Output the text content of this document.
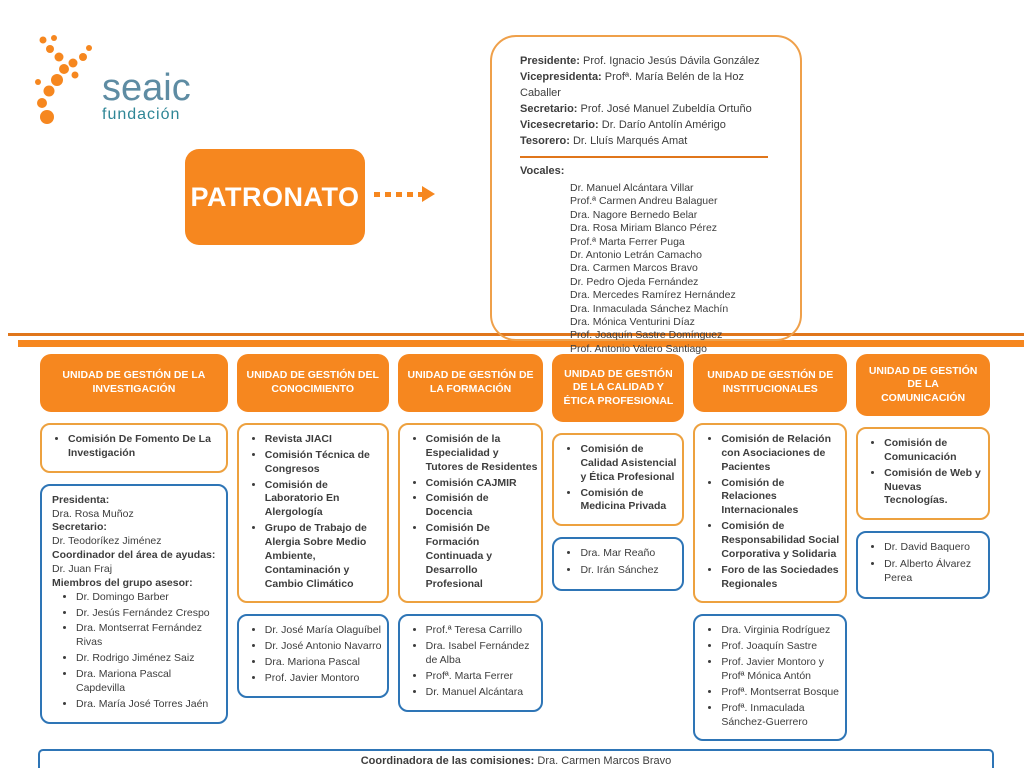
seaic
fundación
PATRONATO
Presidente: Prof. Ignacio Jesús Dávila González
Vicepresidenta: Profª. María Belén de la Hoz Caballer
Secretario: Prof. José Manuel Zubeldía Ortuño
Vicesecretario: Dr. Darío Antolín Amérigo
Tesorero: Dr. Lluís Marqués Amat
Vocales:
Dr. Manuel Alcántara Villar
Prof.ª Carmen Andreu Balaguer
Dra. Nagore Bernedo Belar
Dra. Rosa Miriam Blanco Pérez
Prof.ª Marta Ferrer Puga
Dr. Antonio Letrán Camacho
Dra. Carmen Marcos Bravo
Dr. Pedro Ojeda Fernández
Dra. Mercedes Ramírez Hernández
Dra. Inmaculada Sánchez Machín
Dra. Mónica Venturini Díaz
Prof. Joaquín Sastre Domínguez
Prof. Antonio Valero Santiago
UNIDAD DE GESTIÓN DE LA INVESTIGACIÓN
• Comisión De Fomento De La Investigación
Presidenta:
Dra. Rosa Muñoz
Secretario:
Dr. Teodoríkez Jiménez
Coordinador del área de ayudas:
Dr. Juan Fraj
Miembros del grupo asesor:
• Dr. Domingo Barber
• Dr. Jesús Fernández Crespo
• Dra. Montserrat Fernández Rivas
• Dr. Rodrigo Jiménez Saiz
• Dra. Mariona Pascal Capdevilla
• Dra. María José Torres Jaén
UNIDAD DE GESTIÓN DEL CONOCIMIENTO
• Revista JIACI
• Comisión Técnica de Congresos
• Comisión de Laboratorio En Alergología
• Grupo de Trabajo de Alergia Sobre Medio Ambiente, Contaminación y Cambio Climático
• Dr. José María Olaguíbel
• Dr. José Antonio Navarro
• Dra. Mariona Pascal
• Prof. Javier Montoro
UNIDAD DE GESTIÓN DE LA FORMACIÓN
• Comisión de la Especialidad y Tutores de Residentes
• Comisión CAJMIR
• Comisión de Docencia
• Comisión De Formación Continuada y Desarrollo Profesional
• Prof.ª Teresa Carrillo
• Dra. Isabel Fernández de Alba
• Profª. Marta Ferrer
• Dr. Manuel Alcántara
UNIDAD DE GESTIÓN DE LA CALIDAD Y ÉTICA PROFESIONAL
• Comisión de Calidad Asistencial y Ética Profesional
• Comisión de Medicina Privada
• Dra. Mar Reaño
• Dr. Irán Sánchez
UNIDAD DE GESTIÓN DE INSTITUCIONALES
• Comisión de Relación con Asociaciones de Pacientes
• Comisión de Relaciones Internacionales
• Comisión de Responsabilidad Social Corporativa y Solidaria
• Foro de las Sociedades Regionales
• Dra. Virginia Rodríguez
• Prof. Joaquín Sastre
• Prof. Javier Montoro y Profª Mónica Antón
• Profª. Montserrat Bosque
• Profª. Inmaculada Sánchez-Guerrero
UNIDAD DE GESTIÓN DE LA COMUNICACIÓN
• Comisión de Comunicación
• Comisión de Web y Nuevas Tecnologías.
• Dr. David Baquero
• Dr. Alberto Álvarez Perea
Coordinadora de las comisiones: Dra. Carmen Marcos Bravo
